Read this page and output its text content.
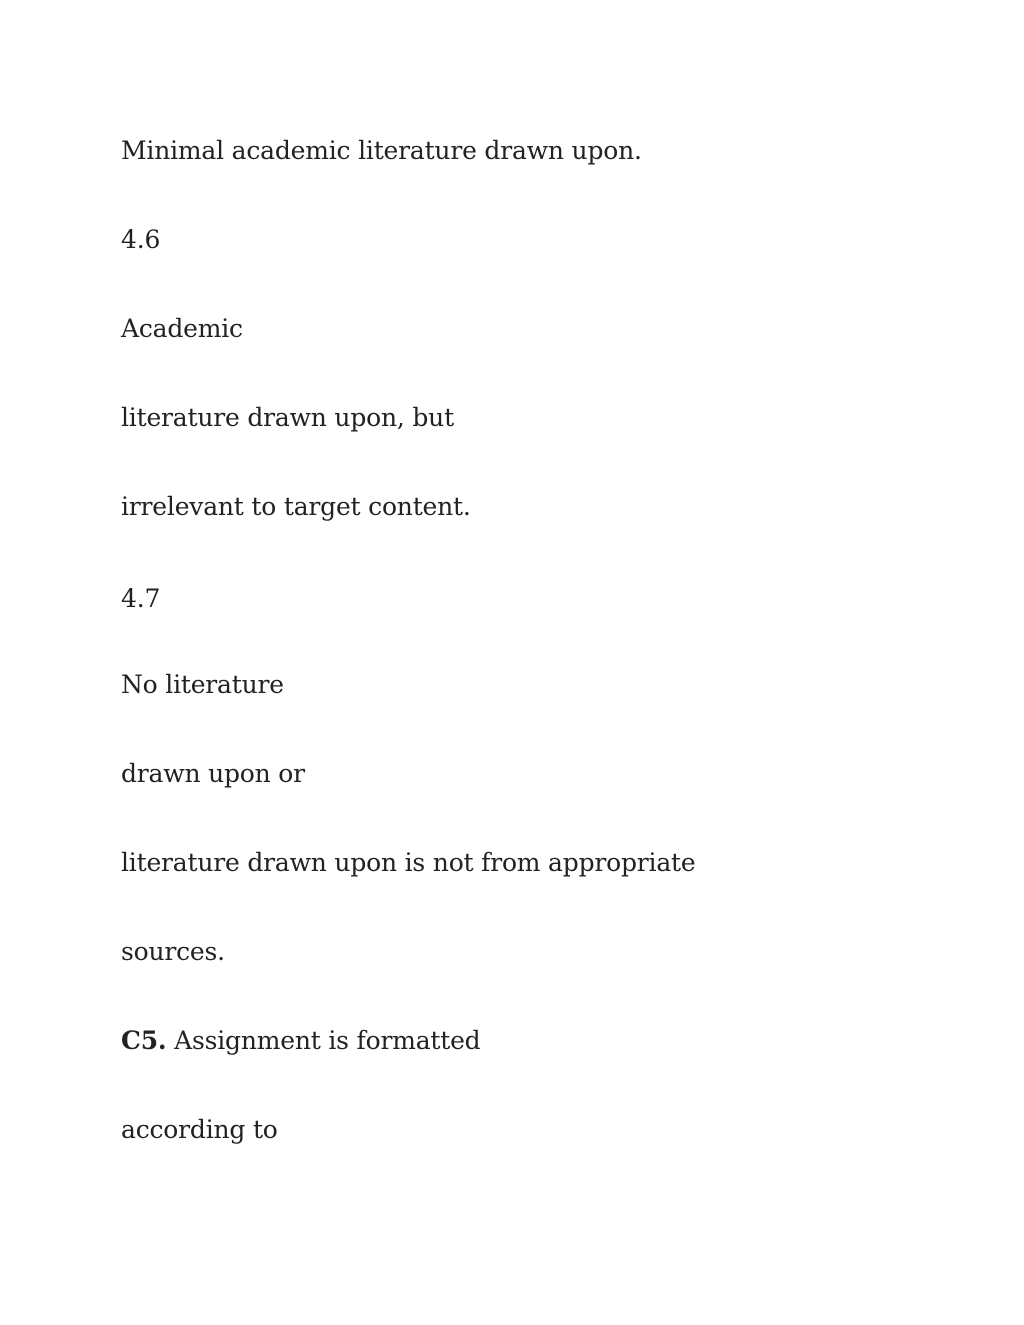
Minimal academic literature drawn upon.
4.6
Academic
literature drawn upon, but
irrelevant to target content.
4.7
No literature
drawn upon or
literature drawn upon is not from appropriate
sources.
C5. Assignment is formatted
according to
